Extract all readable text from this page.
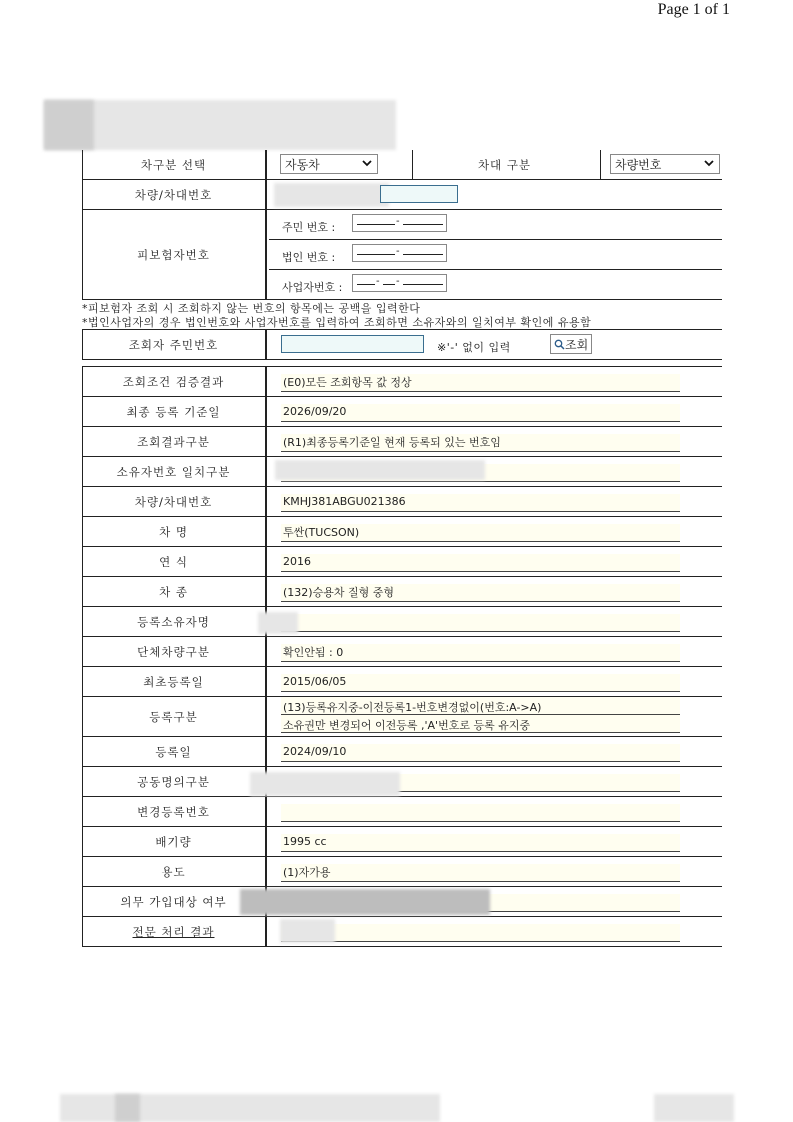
Page 1 of 1
차구분 선택	자동차	차대 구분	차량번호
차량/차대번호
피보험자번호
주민 번호 :	-
법인 번호 :	-
사업자번호 :	- -
*피보험자 조회 시 조회하지 않는 번호의 항목에는 공백을 입력한다
*법인사업자의 경우 법인번호와 사업자번호를 입력하여 조회하면 소유자와의 일치여부 확인에 유용함
조회자 주민번호	※'-' 없이 입력	조회
조회조건 검증결과	(E0)모든 조회항목 값 정상
최종 등록 기준일	2026/09/20
조회결과구분	(R1)최종등록기준일 현재 등록되 있는 번호임
소유자번호 일치구분
차량/차대번호	KMHJ381ABGU021386
차 명	투싼(TUCSON)
연 식	2016
차 종	(132)승용차 질형 중형
등록소유자명
단체차량구분	확인안됨 : 0
최초등록일	2015/06/05
등록구분
(13)등록유지중-이전등록1-번호변경없이(번호:A->A)
소유권만 변경되어 이전등록 ,'A'번호로 등록 유지중
등록일	2024/09/10
공동명의구분
변경등록번호
배기량	1995 cc
용도	(1)자가용
의무 가입대상 여부
전문 처리 결과
